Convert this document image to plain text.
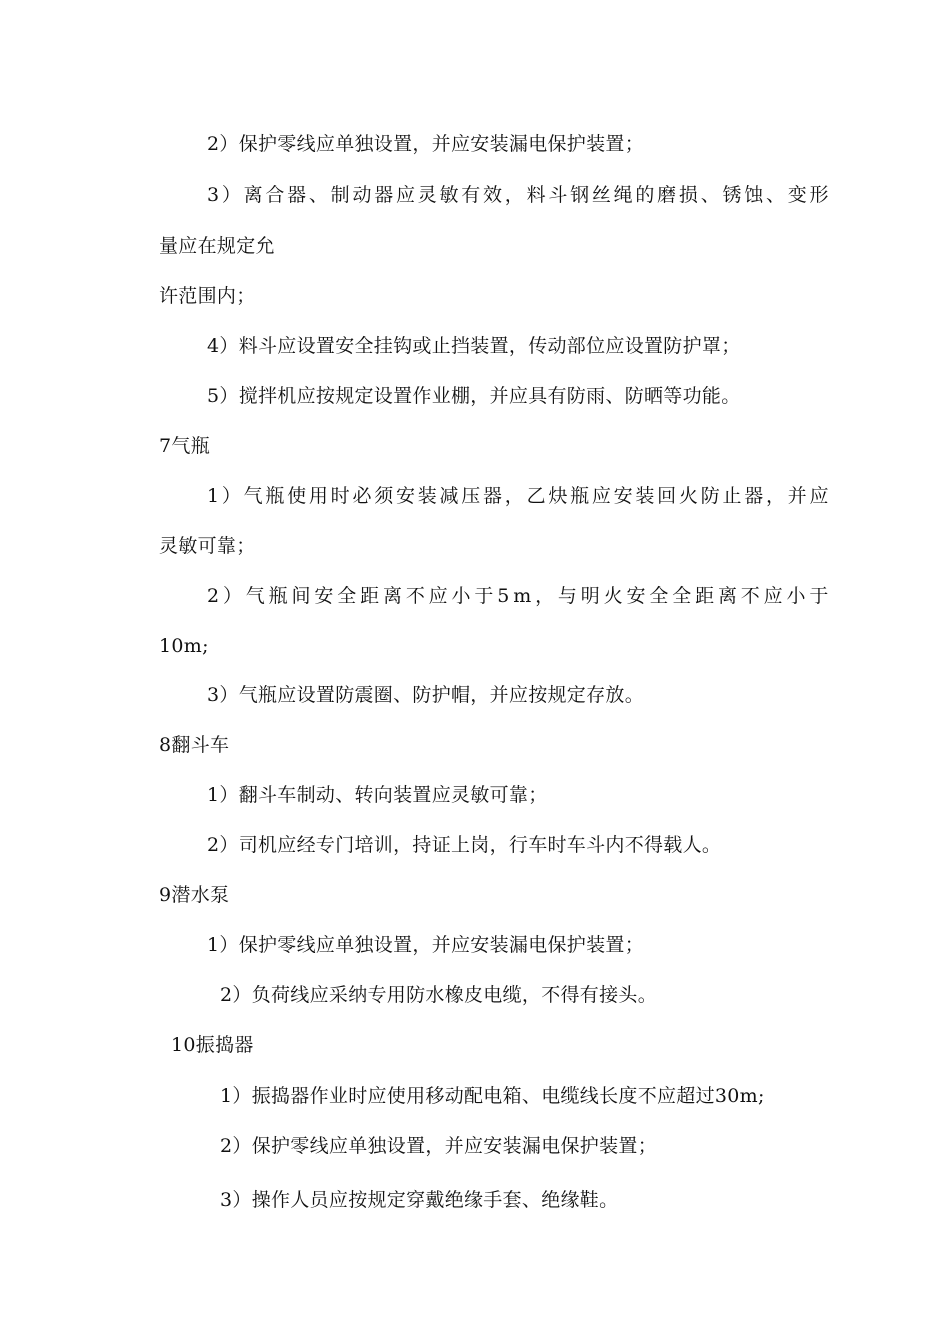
2）保护零线应单独设置，并应安装漏电保护装置；
3 ） 离 合 器 、 制 动 器 应 灵 敏 有 效 ， 料 斗 钢 丝 绳 的 磨 损 、 锈 蚀 、 变 形
量应在规定允
许范围内；
4）料斗应设置安全挂钩或止挡装置，传动部位应设置防护罩；
5）搅拌机应按规定设置作业棚，并应具有防雨、防晒等功能。
7气瓶
1 ） 气 瓶 使 用 时 必 须 安 装 减 压 器 ， 乙 炔 瓶 应 安 装 回 火 防 止 器 ， 并 应
灵敏可靠；
2 ） 气 瓶 间 安 全 距 离 不 应 小 于 5 m ， 与 明 火 安 全 全 距 离 不 应 小 于
10m;
3）气瓶应设置防震圈、防护帽，并应按规定存放。
8翻斗车
1）翻斗车制动、转向装置应灵敏可靠；
2）司机应经专门培训，持证上岗，行车时车斗内不得载人。
9潜水泵
1）保护零线应单独设置，并应安装漏电保护装置；
2）负荷线应采纳专用防水橡皮电缆，不得有接头。
10振捣器
1）振捣器作业时应使用移动配电箱、电缆线长度不应超过30m;
2）保护零线应单独设置，并应安装漏电保护装置；
3）操作人员应按规定穿戴绝缘手套、绝缘鞋。
